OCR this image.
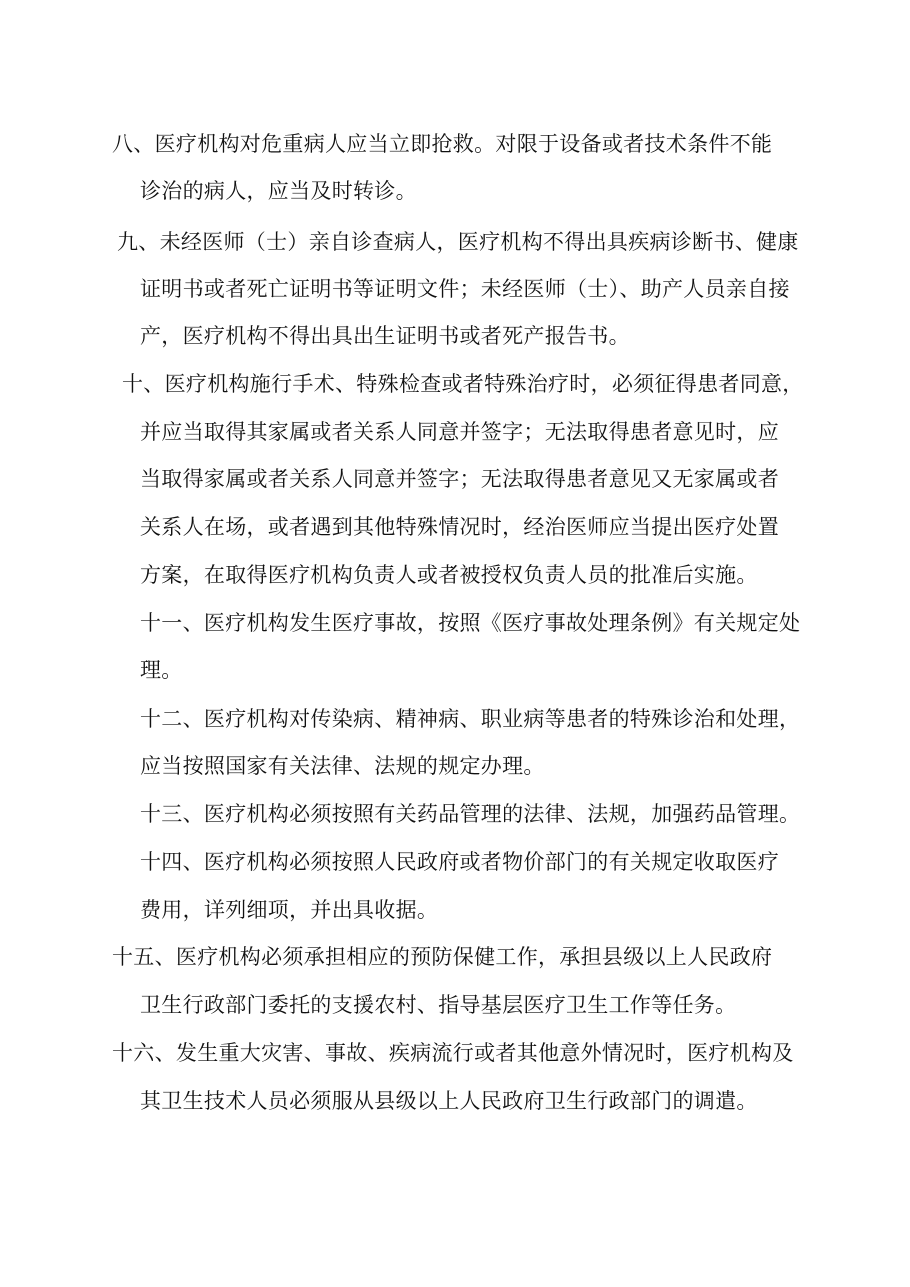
八、医疗机构对危重病人应当立即抢救。对限于设备或者技术条件不能
诊治的病人，应当及时转诊。
九、未经医师（士）亲自诊查病人，医疗机构不得出具疾病诊断书、健康
证明书或者死亡证明书等证明文件；未经医师（士）、助产人员亲自接
产，医疗机构不得出具出生证明书或者死产报告书。
十、医疗机构施行手术、特殊检查或者特殊治疗时，必须征得患者同意，
并应当取得其家属或者关系人同意并签字；无法取得患者意见时，应
当取得家属或者关系人同意并签字；无法取得患者意见又无家属或者
关系人在场，或者遇到其他特殊情况时，经治医师应当提出医疗处置
方案，在取得医疗机构负责人或者被授权负责人员的批准后实施。
十一、医疗机构发生医疗事故，按照《医疗事故处理条例》有关规定处
理。
十二、医疗机构对传染病、精神病、职业病等患者的特殊诊治和处理，
应当按照国家有关法律、法规的规定办理。
十三、医疗机构必须按照有关药品管理的法律、法规，加强药品管理。
十四、医疗机构必须按照人民政府或者物价部门的有关规定收取医疗
费用，详列细项，并出具收据。
十五、医疗机构必须承担相应的预防保健工作，承担县级以上人民政府
卫生行政部门委托的支援农村、指导基层医疗卫生工作等任务。
十六、发生重大灾害、事故、疾病流行或者其他意外情况时，医疗机构及
其卫生技术人员必须服从县级以上人民政府卫生行政部门的调遣。
